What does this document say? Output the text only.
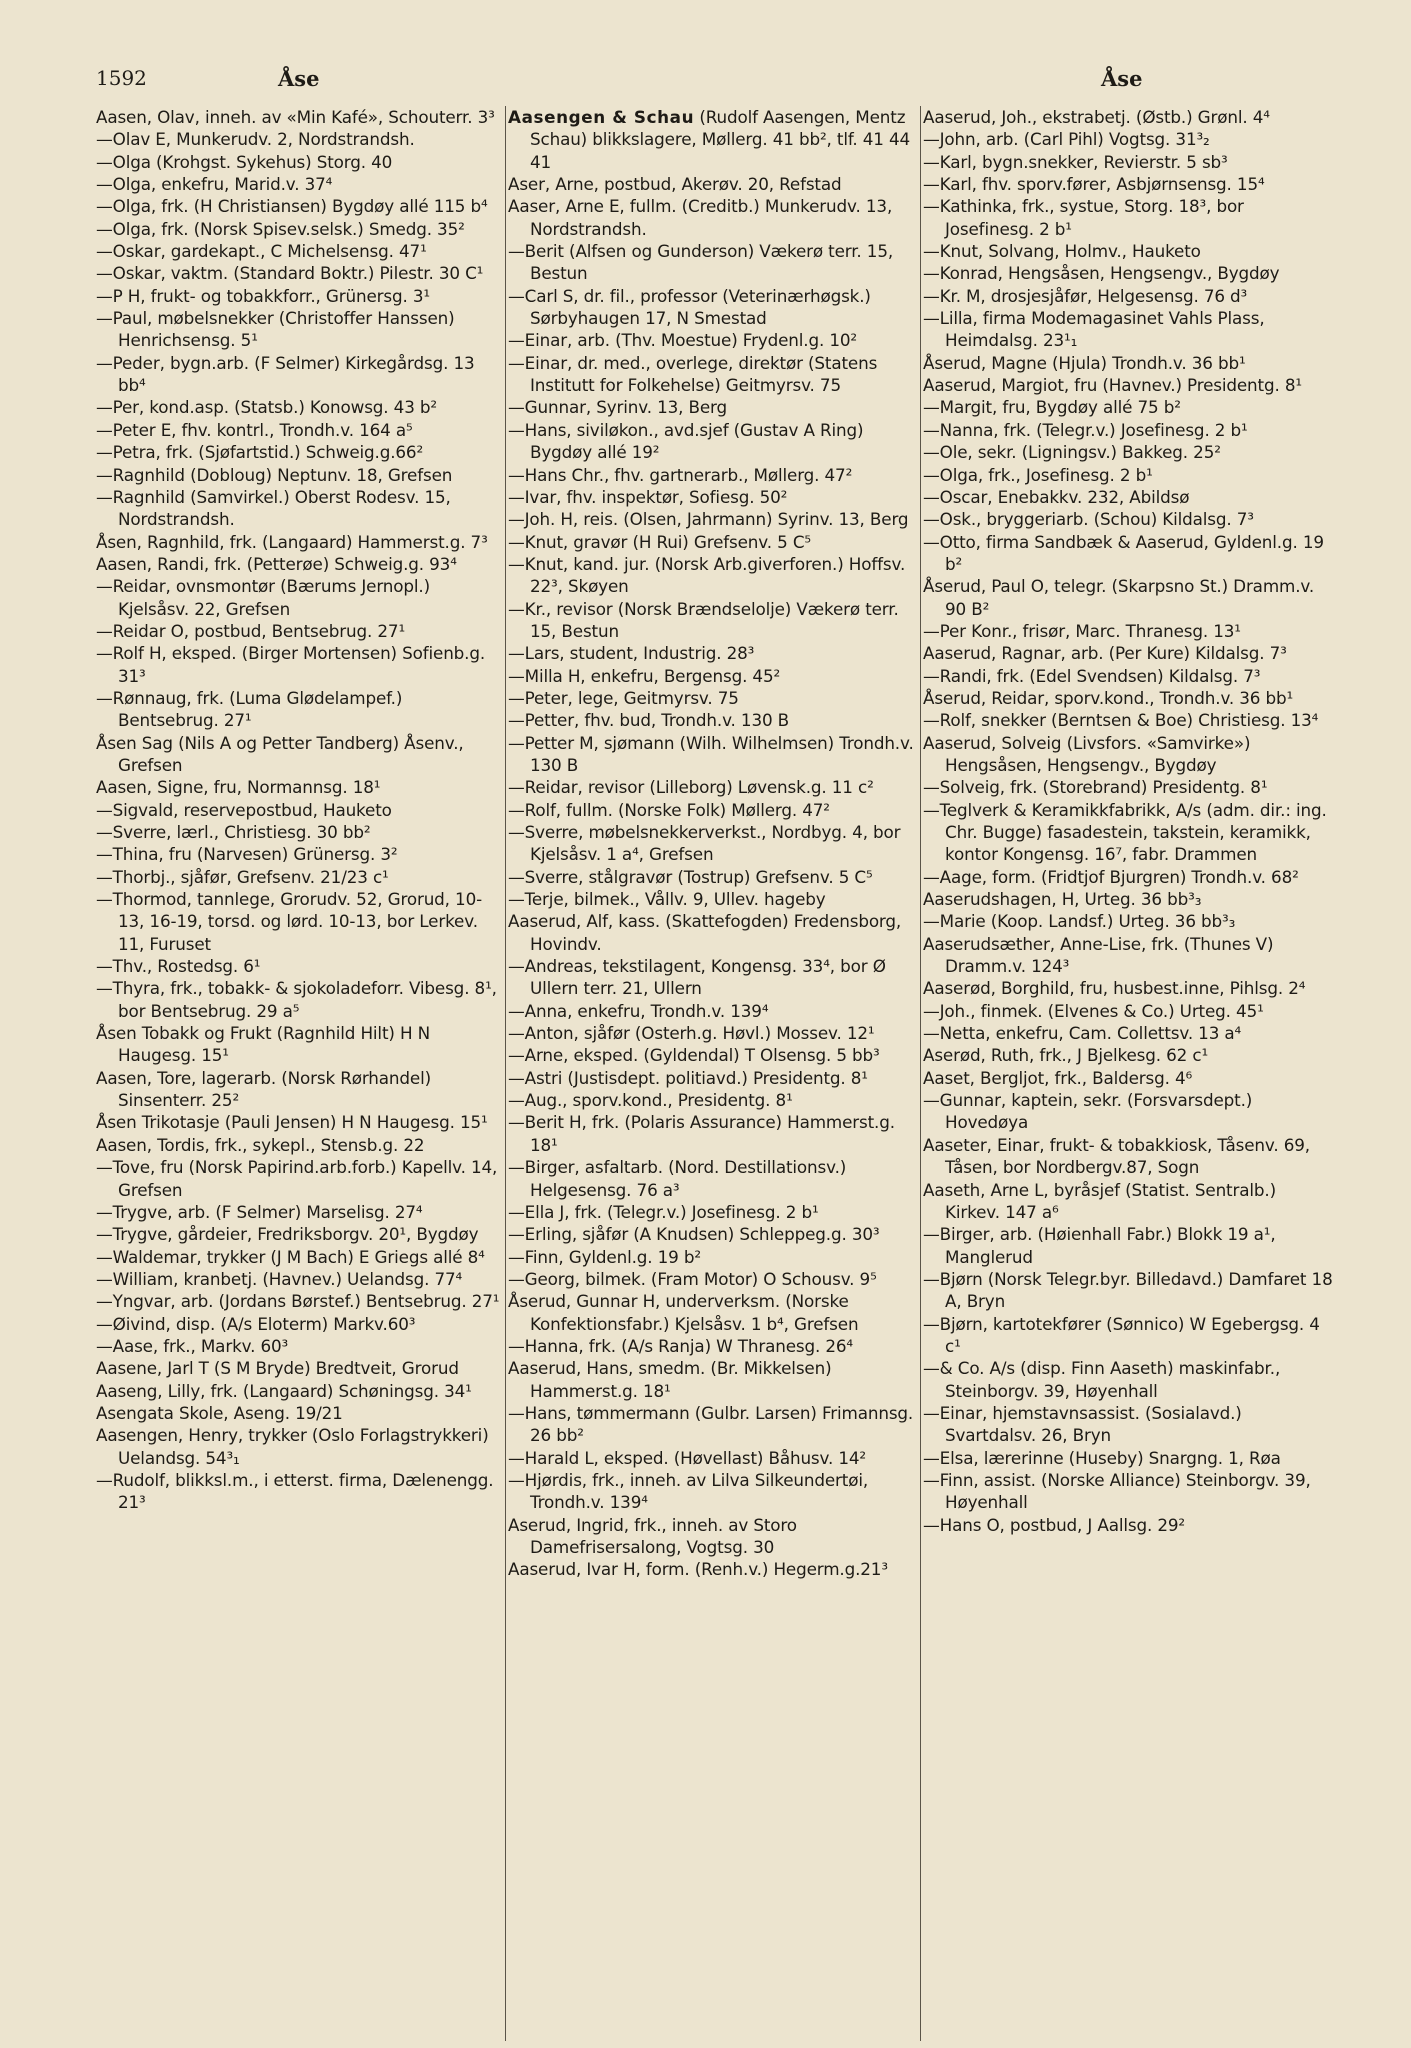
1592	Åse	Åse

Aasen, Olav, inneh. av «Min Kafé», Schouterr. 3³

—Olav E, Munkerudv. 2, Nordstrandsh.

—Olga (Krohgst. Sykehus) Storg. 40

—Olga, enkefru, Marid.v. 37⁴

—Olga, frk. (H Christiansen) Bygdøy allé 115 b⁴

—Olga, frk. (Norsk Spisev.selsk.) Smedg. 35²

—Oskar, gardekapt., C Michelsensg. 47¹

—Oskar, vaktm. (Standard Boktr.) Pilestr. 30 C¹

—P H, frukt- og tobakkforr., Grünersg. 3¹

—Paul, møbelsnekker (Christoffer Hanssen) Henrichsensg. 5¹

—Peder, bygn.arb. (F Selmer) Kirkegårdsg. 13 bb⁴

—Per, kond.asp. (Statsb.) Konowsg. 43 b²

—Peter E, fhv. kontrl., Trondh.v. 164 a⁵

—Petra, frk. (Sjøfartstid.) Schweig.g.66²

—Ragnhild (Dobloug) Neptunv. 18, Grefsen

—Ragnhild (Samvirkel.) Oberst Rodesv. 15, Nordstrandsh.

Åsen, Ragnhild, frk. (Langaard) Hammerst.g. 7³

Aasen, Randi, frk. (Petterøe) Schweig.g. 93⁴

—Reidar, ovnsmontør (Bærums Jernopl.) Kjelsåsv. 22, Grefsen

—Reidar O, postbud, Bentsebrug. 27¹

—Rolf H, eksped. (Birger Mortensen) Sofienb.g. 31³

—Rønnaug, frk. (Luma Glødelampef.) Bentsebrug. 27¹

Åsen Sag (Nils A og Petter Tandberg) Åsenv., Grefsen

Aasen, Signe, fru, Normannsg. 18¹

—Sigvald, reservepostbud, Hauketo

—Sverre, lærl., Christiesg. 30 bb²

—Thina, fru (Narvesen) Grünersg. 3²

—Thorbj., sjåfør, Grefsenv. 21/23 c¹

—Thormod, tannlege, Grorudv. 52, Grorud, 10-13, 16-19, torsd. og lørd. 10-13, bor Lerkev. 11, Furuset

—Thv., Rostedsg. 6¹

—Thyra, frk., tobakk- & sjokoladeforr. Vibesg. 8¹, bor Bentsebrug. 29 a⁵

Åsen Tobakk og Frukt (Ragnhild Hilt) H N Haugesg. 15¹

Aasen, Tore, lagerarb. (Norsk Rørhandel) Sinsenterr. 25²

Åsen Trikotasje (Pauli Jensen) H N Haugesg. 15¹

Aasen, Tordis, frk., sykepl., Stensb.g. 22

—Tove, fru (Norsk Papirind.arb.forb.) Kapellv. 14, Grefsen

—Trygve, arb. (F Selmer) Marselisg. 27⁴

—Trygve, gårdeier, Fredriksborgv. 20¹, Bygdøy

—Waldemar, trykker (J M Bach) E Griegs allé 8⁴

—William, kranbetj. (Havnev.) Uelandsg. 77⁴

—Yngvar, arb. (Jordans Børstef.) Bentsebrug. 27¹

—Øivind, disp. (A/s Eloterm) Markv.60³

—Aase, frk., Markv. 60³

Aasene, Jarl T (S M Bryde) Bredtveit, Grorud

Aaseng, Lilly, frk. (Langaard) Schøningsg. 34¹

Asengata Skole, Aseng. 19/21

Aasengen, Henry, trykker (Oslo Forlagstrykkeri) Uelandsg. 54³₁

—Rudolf, blikksl.m., i etterst. firma, Dælenengg. 21³

Aasengen & Schau (Rudolf Aasengen, Mentz Schau) blikkslagere, Møllerg. 41 bb², tlf. 41 44 41

Aser, Arne, postbud, Akerøv. 20, Refstad

Aaser, Arne E, fullm. (Creditb.) Munkerudv. 13, Nordstrandsh.

—Berit (Alfsen og Gunderson) Vækerø terr. 15, Bestun

—Carl S, dr. fil., professor (Veterinærhøgsk.) Sørbyhaugen 17, N Smestad

—Einar, arb. (Thv. Moestue) Frydenl.g. 10²

—Einar, dr. med., overlege, direktør (Statens Institutt for Folkehelse) Geitmyrsv. 75

—Gunnar, Syrinv. 13, Berg

—Hans, siviløkon., avd.sjef (Gustav A Ring) Bygdøy allé 19²

—Hans Chr., fhv. gartnerarb., Møllerg. 47²

—Ivar, fhv. inspektør, Sofiesg. 50²

—Joh. H, reis. (Olsen, Jahrmann) Syrinv. 13, Berg

—Knut, gravør (H Rui) Grefsenv. 5 C⁵

—Knut, kand. jur. (Norsk Arb.giverforen.) Hoffsv. 22³, Skøyen

—Kr., revisor (Norsk Brændselolje) Vækerø terr. 15, Bestun

—Lars, student, Industrig. 28³

—Milla H, enkefru, Bergensg. 45²

—Peter, lege, Geitmyrsv. 75

—Petter, fhv. bud, Trondh.v. 130 B

—Petter M, sjømann (Wilh. Wilhelmsen) Trondh.v. 130 B

—Reidar, revisor (Lilleborg) Løvensk.g. 11 c²

—Rolf, fullm. (Norske Folk) Møllerg. 47²

—Sverre, møbelsnekkerverkst., Nordbyg. 4, bor Kjelsåsv. 1 a⁴, Grefsen

—Sverre, stålgravør (Tostrup) Grefsenv. 5 C⁵

—Terje, bilmek., Vållv. 9, Ullev. hageby

Aaserud, Alf, kass. (Skattefogden) Fredensborg, Hovindv.

—Andreas, tekstilagent, Kongensg. 33⁴, bor Ø Ullern terr. 21, Ullern

—Anna, enkefru, Trondh.v. 139⁴

—Anton, sjåfør (Osterh.g. Høvl.) Mossev. 12¹

—Arne, eksped. (Gyldendal) T Olsensg. 5 bb³

—Astri (Justisdept. politiavd.) Presidentg. 8¹

—Aug., sporv.kond., Presidentg. 8¹

—Berit H, frk. (Polaris Assurance) Hammerst.g. 18¹

—Birger, asfaltarb. (Nord. Destillationsv.) Helgesensg. 76 a³

—Ella J, frk. (Telegr.v.) Josefinesg. 2 b¹

—Erling, sjåfør (A Knudsen) Schleppeg.g. 30³

—Finn, Gyldenl.g. 19 b²

—Georg, bilmek. (Fram Motor) O Schousv. 9⁵

Åserud, Gunnar H, underverksm. (Norske Konfektionsfabr.) Kjelsåsv. 1 b⁴, Grefsen

—Hanna, frk. (A/s Ranja) W Thranesg. 26⁴

Aaserud, Hans, smedm. (Br. Mikkelsen) Hammerst.g. 18¹

—Hans, tømmermann (Gulbr. Larsen) Frimannsg. 26 bb²

—Harald L, eksped. (Høvellast) Båhusv. 14²

—Hjørdis, frk., inneh. av Lilva Silkeundertøi, Trondh.v. 139⁴

Aserud, Ingrid, frk., inneh. av Storo Damefrisersalong, Vogtsg. 30

Aaserud, Ivar H, form. (Renh.v.) Hegerm.g.21³

Aaserud, Joh., ekstrabetj. (Østb.) Grønl. 4⁴

—John, arb. (Carl Pihl) Vogtsg. 31³₂

—Karl, bygn.snekker, Revierstr. 5 sb³

—Karl, fhv. sporv.fører, Asbjørnsensg. 15⁴

—Kathinka, frk., systue, Storg. 18³, bor Josefinesg. 2 b¹

—Knut, Solvang, Holmv., Hauketo

—Konrad, Hengsåsen, Hengsengv., Bygdøy

—Kr. M, drosjesjåfør, Helgesensg. 76 d³

—Lilla, firma Modemagasinet Vahls Plass, Heimdalsg. 23¹₁

Åserud, Magne (Hjula) Trondh.v. 36 bb¹

Aaserud, Margiot, fru (Havnev.) Presidentg. 8¹

—Margit, fru, Bygdøy allé 75 b²

—Nanna, frk. (Telegr.v.) Josefinesg. 2 b¹

—Ole, sekr. (Ligningsv.) Bakkeg. 25²

—Olga, frk., Josefinesg. 2 b¹

—Oscar, Enebakkv. 232, Abildsø

—Osk., bryggeriarb. (Schou) Kildalsg. 7³

—Otto, firma Sandbæk & Aaserud, Gyldenl.g. 19 b²

Åserud, Paul O, telegr. (Skarpsno St.) Dramm.v. 90 B²

—Per Konr., frisør, Marc. Thranesg. 13¹

Aaserud, Ragnar, arb. (Per Kure) Kildalsg. 7³

—Randi, frk. (Edel Svendsen) Kildalsg. 7³

Åserud, Reidar, sporv.kond., Trondh.v. 36 bb¹

—Rolf, snekker (Berntsen & Boe) Christiesg. 13⁴

Aaserud, Solveig (Livsfors. «Samvirke») Hengsåsen, Hengsengv., Bygdøy

—Solveig, frk. (Storebrand) Presidentg. 8¹

—Teglverk & Keramikkfabrikk, A/s (adm. dir.: ing. Chr. Bugge) fasadestein, takstein, keramikk, kontor Kongensg. 16⁷, fabr. Drammen

—Aage, form. (Fridtjof Bjurgren) Trondh.v. 68²

Aaserudshagen, H, Urteg. 36 bb³₃

—Marie (Koop. Landsf.) Urteg. 36 bb³₃

Aaserudsæther, Anne-Lise, frk. (Thunes V) Dramm.v. 124³

Aaserød, Borghild, fru, husbest.inne, Pihlsg. 2⁴

—Joh., finmek. (Elvenes & Co.) Urteg. 45¹

—Netta, enkefru, Cam. Collettsv. 13 a⁴

Aserød, Ruth, frk., J Bjelkesg. 62 c¹

Aaset, Bergljot, frk., Baldersg. 4⁶

—Gunnar, kaptein, sekr. (Forsvarsdept.) Hovedøya

Aaseter, Einar, frukt- & tobakkiosk, Tåsenv. 69, Tåsen, bor Nordbergv.87, Sogn

Aaseth, Arne L, byråsjef (Statist. Sentralb.) Kirkev. 147 a⁶

—Birger, arb. (Høienhall Fabr.) Blokk 19 a¹, Manglerud

—Bjørn (Norsk Telegr.byr. Billedavd.) Damfaret 18 A, Bryn

—Bjørn, kartotekfører (Sønnico) W Egebergsg. 4 c¹

—& Co. A/s (disp. Finn Aaseth) maskinfabr., Steinborgv. 39, Høyenhall

—Einar, hjemstavnsassist. (Sosialavd.) Svartdalsv. 26, Bryn

—Elsa, lærerinne (Huseby) Snargng. 1, Røa

—Finn, assist. (Norske Alliance) Steinborgv. 39, Høyenhall

—Hans O, postbud, J Aallsg. 29²
